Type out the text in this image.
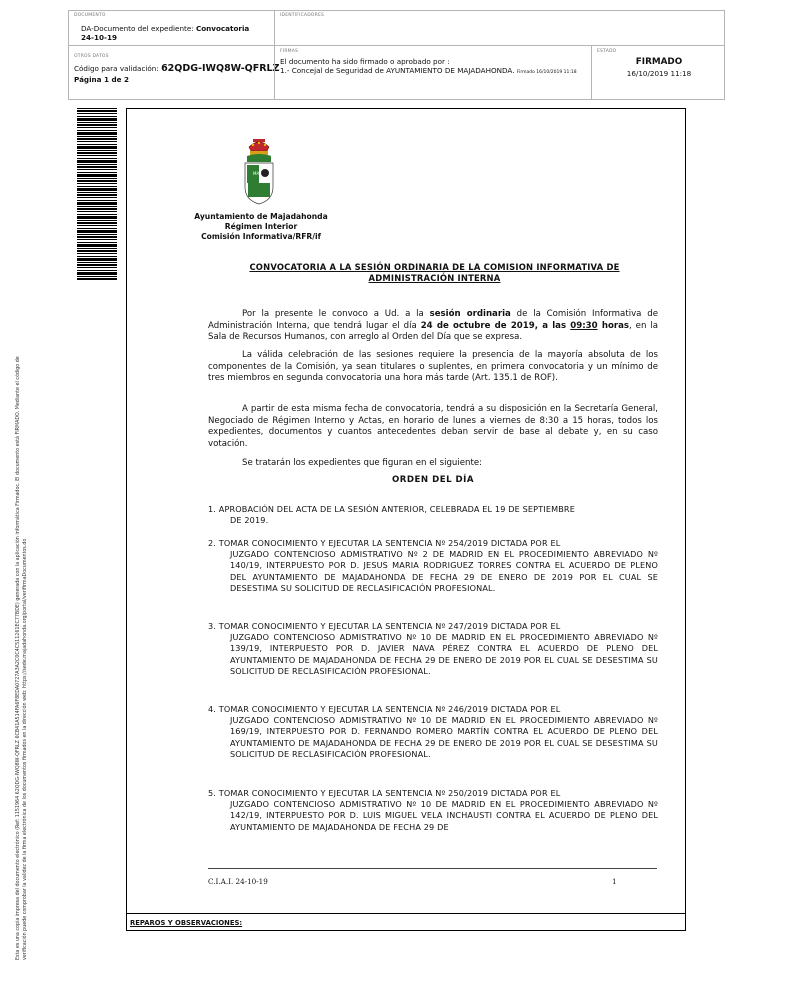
DOCUMENTO
DA-Documento del expediente: Convocatoria
24-10-19
IDENTIFICADORES
OTROS DATOS
Código para validación: 62QDG-IWQ8W-QFRLZ
Página 1 de 2
FIRMAS
El documento ha sido firmado o aprobado por :
1.- Concejal de Seguridad de AYUNTAMIENTO DE MAJADAHONDA. Firmado 16/10/2019 11:18
ESTADO
FIRMADO
16/10/2019 11:18
Esta es una copia impresa del documento electrónico (Ref: 1151964 62QDG-IWQ8W-QFRLZ 6CB41A514FA6F8EDA0727A3A2C0C4C511261EC77BDE) generada con la aplicación informática Firmadoc. El documento está FIRMADO. Mediante el código de verificación puede comprobar la validez de la firma electrónica de los documentos firmados en la dirección web: https://sede.majadahonda.org/portal/verifirmaDocumentos.do	REPAROS Y OBSERVACIONES:
MA
Ayuntamiento de Majadahonda
Régimen Interior
Comisión Informativa/RFR/if
CONVOCATORIA A LA SESIÓN ORDINARIA DE LA COMISION INFORMATIVA DE
ADMINISTRACIÓN INTERNA
Por la presente le convoco a Ud. a la sesión ordinaria de la Comisión Informativa de Administración Interna, que tendrá lugar el día 24 de octubre de 2019, a las 09:30 horas, en la Sala de Recursos Humanos, con arreglo al Orden del Día que se expresa.
La válida celebración de las sesiones requiere la presencia de la mayoría absoluta de los componentes de la Comisión, ya sean titulares o suplentes, en primera convocatoria y un mínimo de tres miembros en segunda convocatoria una hora más tarde (Art. 135.1 de ROF).
A partir de esta misma fecha de convocatoria, tendrá a su disposición en la Secretaría General, Negociado de Régimen Interno y Actas, en horario de lunes a viernes de 8:30 a 15 horas, todos los expedientes, documentos y cuantos antecedentes deban servir de base al debate y, en su caso votación.
Se tratarán los expedientes que figuran en el siguiente:
ORDEN DEL DÍA
1. APROBACIÓN DEL ACTA DE LA SESIÓN ANTERIOR, CELEBRADA EL 19 DE SEPTIEMBRE
DE 2019.
2. TOMAR CONOCIMIENTO Y EJECUTAR LA SENTENCIA Nº 254/2019 DICTADA POR EL
JUZGADO CONTENCIOSO ADMISTRATIVO Nº 2 DE MADRID EN EL PROCEDIMIENTO ABREVIADO Nº 140/19, INTERPUESTO POR D. JESUS MARIA RODRIGUEZ TORRES CONTRA EL ACUERDO DE PLENO DEL AYUNTAMIENTO DE MAJADAHONDA DE FECHA 29 DE ENERO DE 2019 POR EL CUAL SE DESESTIMA SU SOLICITUD DE RECLASIFICACIÓN PROFESIONAL.
3. TOMAR CONOCIMIENTO Y EJECUTAR LA SENTENCIA Nº 247/2019 DICTADA POR EL
JUZGADO CONTENCIOSO ADMISTRATIVO Nº 10 DE MADRID EN EL PROCEDIMIENTO ABREVIADO Nº 139/19, INTERPUESTO POR D. JAVIER NAVA PÉREZ CONTRA EL ACUERDO DE PLENO DEL AYUNTAMIENTO DE MAJADAHONDA DE FECHA 29 DE ENERO DE 2019 POR EL CUAL SE DESESTIMA SU SOLICITUD DE RECLASIFICACIÓN PROFESIONAL.
4. TOMAR CONOCIMIENTO Y EJECUTAR LA SENTENCIA Nº 246/2019 DICTADA POR EL
JUZGADO CONTENCIOSO ADMISTRATIVO Nº 10 DE MADRID EN EL PROCEDIMIENTO ABREVIADO Nº 169/19, INTERPUESTO POR D. FERNANDO ROMERO MARTÍN CONTRA EL ACUERDO DE PLENO DEL AYUNTAMIENTO DE MAJADAHONDA DE FECHA 29 DE ENERO DE 2019 POR EL CUAL SE DESESTIMA SU SOLICITUD DE RECLASIFICACIÓN PROFESIONAL.
5. TOMAR CONOCIMIENTO Y EJECUTAR LA SENTENCIA Nº 250/2019 DICTADA POR EL
JUZGADO CONTENCIOSO ADMISTRATIVO Nº 10 DE MADRID EN EL PROCEDIMIENTO ABREVIADO Nº 142/19, INTERPUESTO POR D. LUIS MIGUEL VELA INCHAUSTI CONTRA EL ACUERDO DE PLENO DEL AYUNTAMIENTO DE MAJADAHONDA DE FECHA 29 DE
C.I.A.I. 24-10-19	1
